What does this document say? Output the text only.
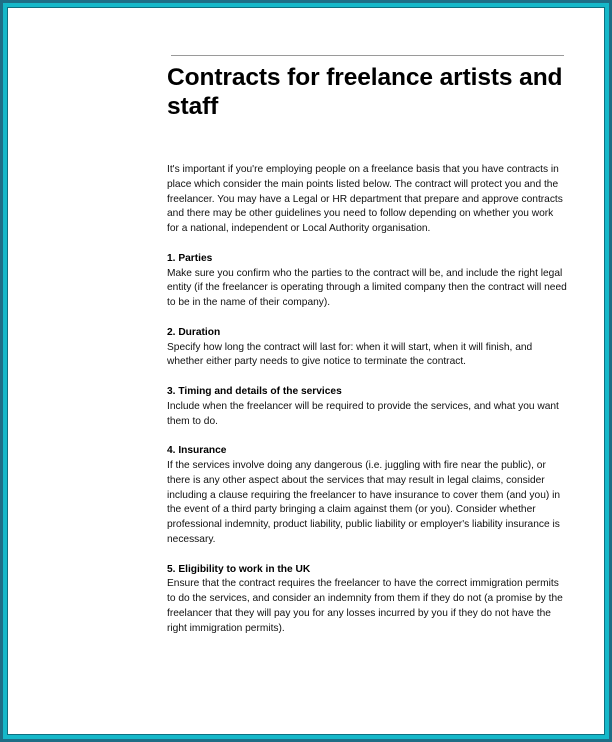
Contracts for freelance artists and staff

It's important if you're employing people on a freelance basis that you have contracts in place which consider the main points listed below. The contract will protect you and the freelancer. You may have a Legal or HR department that prepare and approve contracts and there may be other guidelines you need to follow depending on whether you work for a national, independent or Local Authority organisation.

1. Parties

Make sure you confirm who the parties to the contract will be, and include the right legal entity (if the freelancer is operating through a limited company then the contract will need to be in the name of their company).

2. Duration

Specify how long the contract will last for: when it will start, when it will finish, and whether either party needs to give notice to terminate the contract.

3. Timing and details of the services

Include when the freelancer will be required to provide the services, and what you want them to do.

4. Insurance

If the services involve doing any dangerous (i.e. juggling with fire near the public), or there is any other aspect about the services that may result in legal claims, consider including a clause requiring the freelancer to have insurance to cover them (and you) in the event of a third party bringing a claim against them (or you). Consider whether professional indemnity, product liability, public liability or employer's liability insurance is necessary.

5. Eligibility to work in the UK

Ensure that the contract requires the freelancer to have the correct immigration permits to do the services, and consider an indemnity from them if they do not (a promise by the freelancer that they will pay you for any losses incurred by you if they do not have the right immigration permits).
